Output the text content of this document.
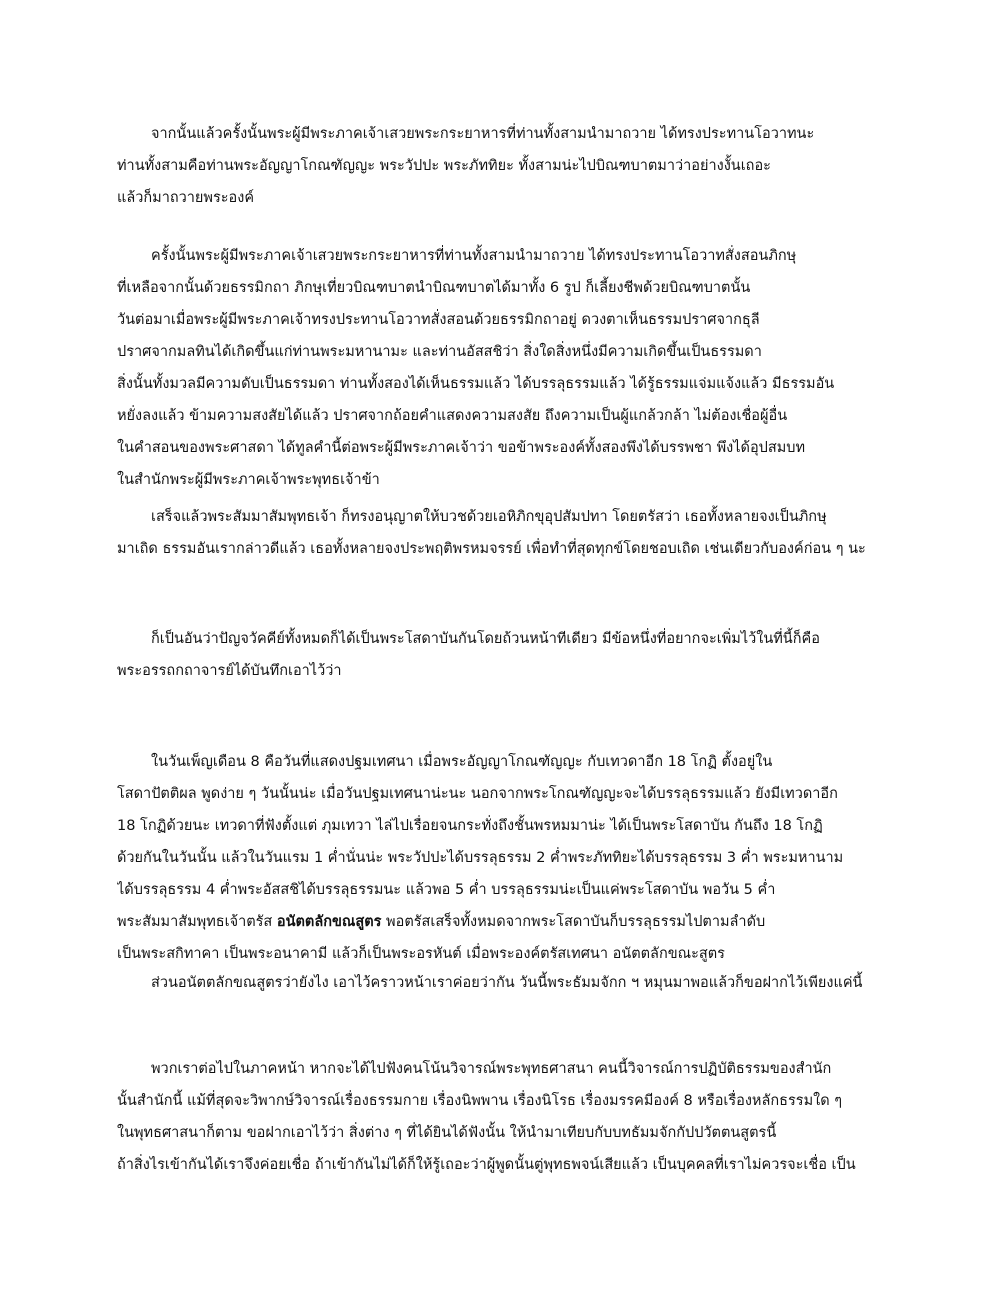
จากนั้นแล้วครั้งนั้นพระผู้มีพระภาคเจ้าเสวยพระกระยาหารที่ท่านทั้งสามนำมาถวาย ได้ทรงประทานโอวาทนะ
ท่านทั้งสามคือท่านพระอัญญาโกณฑัญญะ พระวัปปะ พระภัททิยะ ทั้งสามน่ะไปบิณฑบาตมาว่าอย่างงั้นเถอะ
แล้วก็มาถวายพระองค์
ครั้งนั้นพระผู้มีพระภาคเจ้าเสวยพระกระยาหารที่ท่านทั้งสามนำมาถวาย ได้ทรงประทานโอวาทสั่งสอนภิกษุ
ที่เหลือจากนั้นด้วยธรรมิกถา ภิกษุเที่ยวบิณฑบาตนำบิณฑบาตได้มาทั้ง 6 รูป ก็เลี้ยงชีพด้วยบิณฑบาตนั้น
วันต่อมาเมื่อพระผู้มีพระภาคเจ้าทรงประทานโอวาทสั่งสอนด้วยธรรมิกถาอยู่ ดวงตาเห็นธรรมปราศจากธุลี
ปราศจากมลทินได้เกิดขึ้นแก่ท่านพระมหานามะ และท่านอัสสชิว่า สิ่งใดสิ่งหนึ่งมีความเกิดขึ้นเป็นธรรมดา
สิ่งนั้นทั้งมวลมีความดับเป็นธรรมดา ท่านทั้งสองได้เห็นธรรมแล้ว ได้บรรลุธรรมแล้ว ได้รู้ธรรมแจ่มแจ้งแล้ว มีธรรมอัน
หยั่งลงแล้ว ข้ามความสงสัยได้แล้ว ปราศจากถ้อยคำแสดงความสงสัย ถึงความเป็นผู้แกล้วกล้า ไม่ต้องเชื่อผู้อื่น
ในคำสอนของพระศาสดา ได้ทูลคำนี้ต่อพระผู้มีพระภาคเจ้าว่า ขอข้าพระองค์ทั้งสองพึงได้บรรพชา พึงได้อุปสมบท
ในสำนักพระผู้มีพระภาคเจ้าพระพุทธเจ้าข้า
เสร็จแล้วพระสัมมาสัมพุทธเจ้า ก็ทรงอนุญาตให้บวชด้วยเอหิภิกขุอุปสัมปทา โดยตรัสว่า เธอทั้งหลายจงเป็นภิกษุ
มาเถิด ธรรมอันเรากล่าวดีแล้ว เธอทั้งหลายจงประพฤติพรหมจรรย์ เพื่อทำที่สุดทุกข์โดยชอบเถิด เช่นเดียวกับองค์ก่อน ๆ นะ
ก็เป็นอันว่าปัญจวัคคีย์ทั้งหมดก็ได้เป็นพระโสดาบันกันโดยถ้วนหน้าทีเดียว มีข้อหนึ่งที่อยากจะเพิ่มไว้ในที่นี้ก็คือ
พระอรรถกถาจารย์ได้บันทึกเอาไว้ว่า
ในวันเพ็ญเดือน 8 คือวันที่แสดงปฐมเทศนา เมื่อพระอัญญาโกณฑัญญะ กับเทวดาอีก 18 โกฏิ ตั้งอยู่ใน
โสดาปัตติผล พูดง่าย ๆ วันนั้นน่ะ เมื่อวันปฐมเทศนาน่ะนะ นอกจากพระโกณฑัญญะจะได้บรรลุธรรมแล้ว ยังมีเทวดาอีก
18 โกฏิด้วยนะ เทวดาที่ฟังตั้งแต่ ภุมเทวา ไล่ไปเรื่อยจนกระทั่งถึงชั้นพรหมมาน่ะ ได้เป็นพระโสดาบัน กันถึง 18 โกฏิ
ด้วยกันในวันนั้น แล้วในวันแรม 1 ค่ำนั่นน่ะ พระวัปปะได้บรรลุธรรม 2 ค่ำพระภัททิยะได้บรรลุธรรม 3 ค่ำ พระมหานาม
ได้บรรลุธรรม 4 ค่ำพระอัสสชิได้บรรลุธรรมนะ แล้วพอ 5 ค่ำ บรรลุธรรมน่ะเป็นแค่พระโสดาบัน พอวัน 5 ค่ำ
พระสัมมาสัมพุทธเจ้าตรัส อนัตตลักขณสูตร พอตรัสเสร็จทั้งหมดจากพระโสดาบันก็บรรลุธรรมไปตามลำดับ
เป็นพระสกิทาคา เป็นพระอนาคามี แล้วก็เป็นพระอรหันต์ เมื่อพระองค์ตรัสเทศนา อนัตตลักขณะสูตร
ส่วนอนัตตลักขณสูตรว่ายังไง เอาไว้คราวหน้าเราค่อยว่ากัน วันนี้พระธัมมจักก ฯ หมุนมาพอแล้วก็ขอฝากไว้เพียงแค่นี้
พวกเราต่อไปในภาคหน้า หากจะได้ไปฟังคนโน้นวิจารณ์พระพุทธศาสนา คนนี้วิจารณ์การปฏิบัติธรรมของสำนัก
นั้นสำนักนี้ แม้ที่สุดจะวิพากษ์วิจารณ์เรื่องธรรมกาย เรื่องนิพพาน เรื่องนิโรธ เรื่องมรรคมีองค์ 8 หรือเรื่องหลักธรรมใด ๆ
ในพุทธศาสนาก็ตาม ขอฝากเอาไว้ว่า สิ่งต่าง ๆ ที่ได้ยินได้ฟังนั้น ให้นำมาเทียบกับบทธัมมจักกัปปวัตตนสูตรนี้
ถ้าสิ่งไรเข้ากันได้เราจึงค่อยเชื่อ ถ้าเข้ากันไม่ได้ก็ให้รู้เถอะว่าผู้พูดนั้นตู่พุทธพจน์เสียแล้ว เป็นบุคคลที่เราไม่ควรจะเชื่อ เป็น
